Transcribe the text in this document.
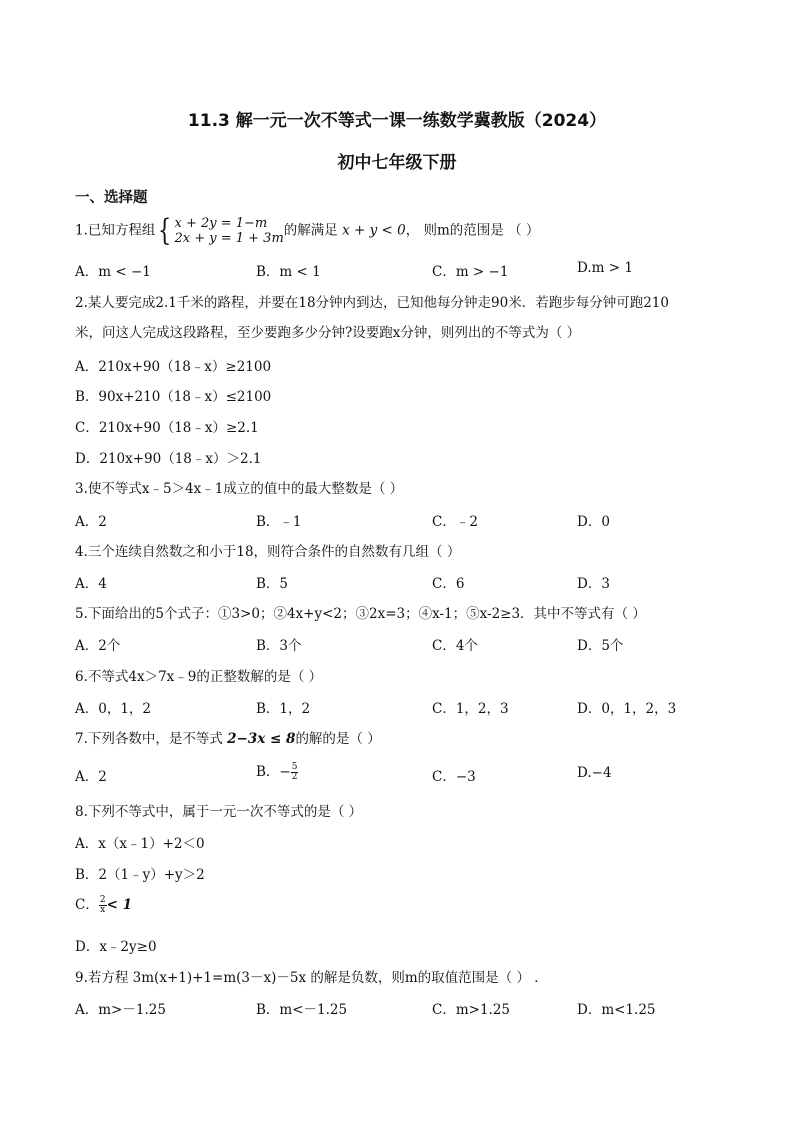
11.3 解一元一次不等式一课一练数学冀教版（2024）
初中七年级下册
一、选择题
1.已知方程组{ x + 2y = 1−m
2x + y = 1 + 3m 的解满足 x + y < 0， 则m的范围是 （ ）
A．m < −1	B．m < 1	C．m > −1	D.m > 1
2.某人要完成2.1千米的路程，并要在18分钟内到达，已知他每分钟走90米．若跑步每分钟可跑210
米，问这人完成这段路程，至少要跑多少分钟?设要跑x分钟，则列出的不等式为（ ）
A．210x+90（18﹣x）≥2100
B．90x+210（18﹣x）≤2100
C．210x+90（18﹣x）≥2.1
D．210x+90（18﹣x）＞2.1
3.使不等式x﹣5＞4x﹣1成立的值中的最大整数是（ ）
A．2	B．﹣1	C．﹣2	D．0
4.三个连续自然数之和小于18，则符合条件的自然数有几组（ ）
A．4	B．5	C．6	D．3
5.下面给出的5个式子：①3>0；②4x+y<2；③2x=3；④x-1；⑤x-2≥3．其中不等式有（ ）
A．2个	B．3个	C．4个	D．5个
6.不等式4x＞7x﹣9的正整数解的是（ ）
A．0，1，2	B．1，2	C．1，2，3	D．0，1，2，3
7.下列各数中，是不等式 2−3x ≤ 8的解的是（ ）
A．2	B．− $\frac{5}{2}$	C．−3	D.−4
8.下列不等式中，属于一元一次不等式的是（ ）
A．x（x﹣1）+2＜0
B．2（1﹣y）+y＞2
C． $\frac{2}{x} < 1$
D．x﹣2y≥0
9.若方程 3m(x+1)+1=m(3－x)－5x 的解是负数，则m的取值范围是（ ） ．
A．m>－1.25	B．m<－1.25	C．m>1.25	D．m<1.25
